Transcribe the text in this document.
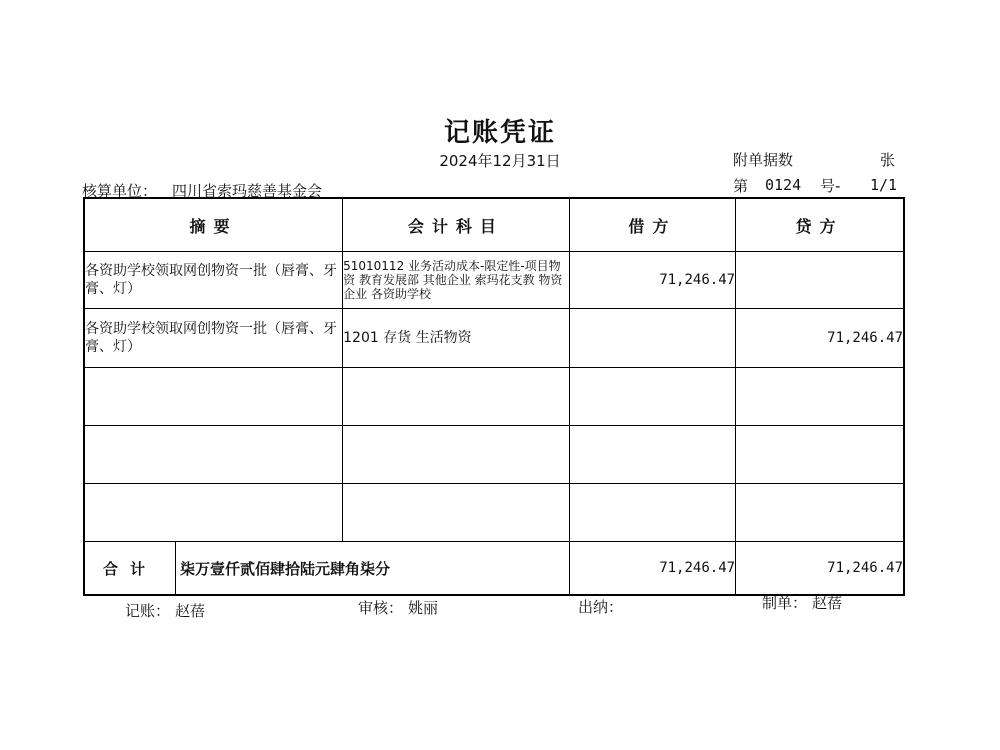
记账凭证
2024年12月31日	附单据数	张
核算单位： 四川省索玛慈善基金会	第 0124 号- 1/1
摘要	会计科目	借方	贷方
各资助学校领取网创物资一批（唇膏、牙膏、灯）	51010112 业务活动成本-限定性-项目物资 教育发展部 其他企业 索玛花支教 物资 企业 各资助学校	71,246.47	
各资助学校领取网创物资一批（唇膏、牙膏、灯）	1201 存货 生活物资		71,246.47

合计 柒万壹仟贰佰肆拾陆元肆角柒分		71,246.47	71,246.47
记账： 赵蓓	审核： 姚丽	出纳：	制单： 赵蓓
